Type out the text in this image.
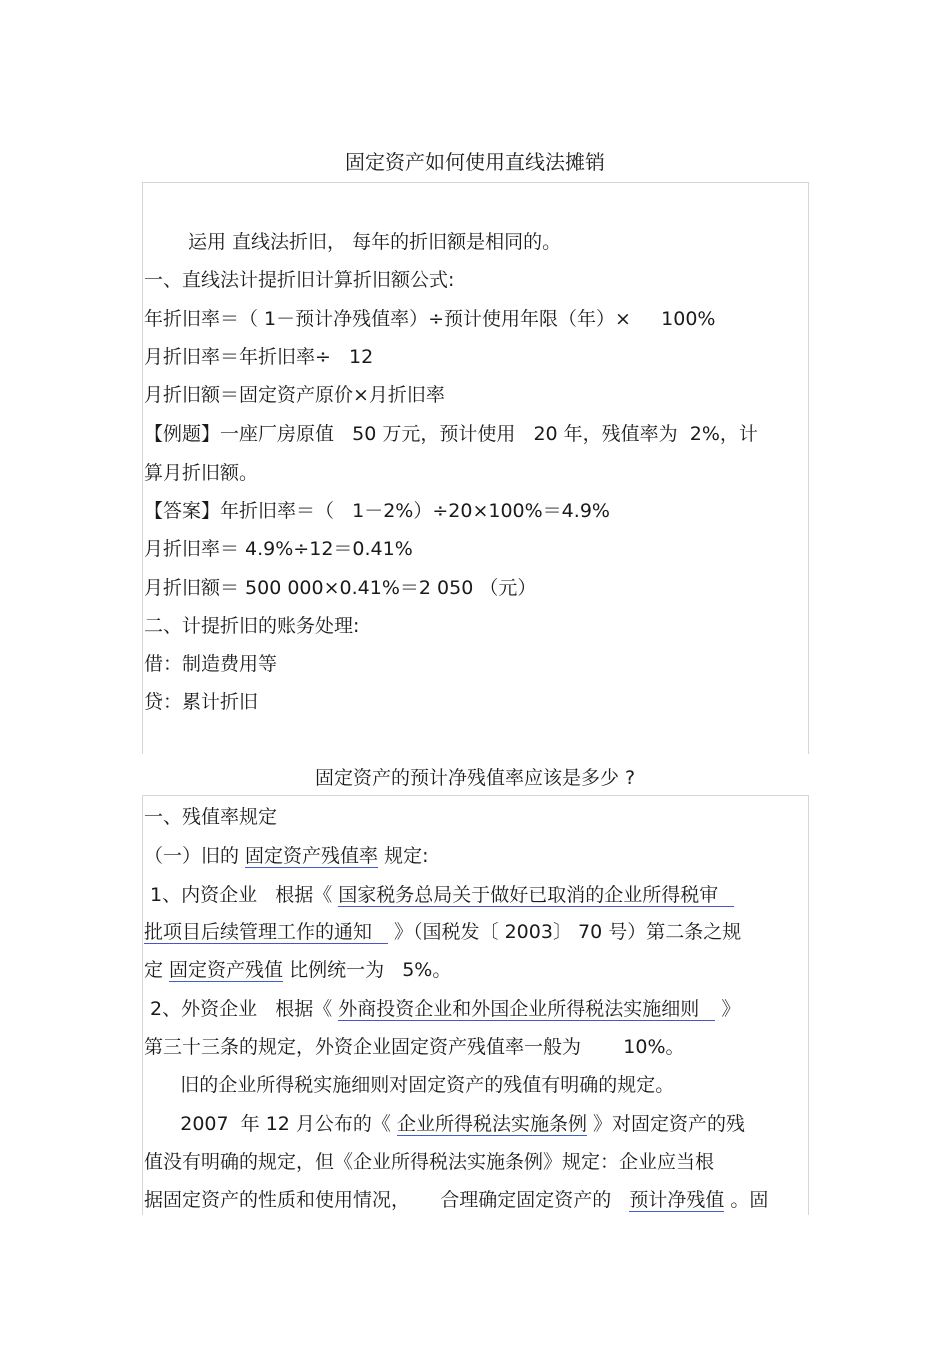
固定资产如何使用直线法摊销
运用 直线法折旧， 每年的折旧额是相同的。
一、直线法计提折旧计算折旧额公式:
年折旧率＝（ 1－预计净残值率）÷预计使用年限（年）×     100%
月折旧率＝年折旧率÷   12
月折旧额＝固定资产原价×月折旧率
【例题】一座厂房原值   50 万元，预计使用   20 年，残值率为  2%，计
算月折旧额。
【答案】年折旧率＝（   1－2%）÷20×100%＝4.9%
月折旧率＝ 4.9%÷12＝0.41%
月折旧额＝ 500 000×0.41%＝2 050 （元）
二、计提折旧的账务处理:
借：制造费用等
贷：累计折旧
固定资产的预计净残值率应该是多少 ?
一、残值率规定
（一）旧的 固定资产残值率 规定:
1、内资企业   根据《 国家税务总局关于做好已取消的企业所得税审
批项目后续管理工作的通知 》（国税发〔 2003〕 70 号）第二条之规
定 固定资产残值 比例统一为   5%。
2、外资企业   根据《 外商投资企业和外国企业所得税法实施细则 》
第三十三条的规定，外资企业固定资产残值率一般为       10%。
旧的企业所得税实施细则对固定资产的残值有明确的规定。
2007  年 12 月公布的《 企业所得税法实施条例 》对固定资产的残
值没有明确的规定，但《企业所得税法实施条例》规定：企业应当根
据固定资产的性质和使用情况，     合理确定固定资产的   预计净残值 。固
